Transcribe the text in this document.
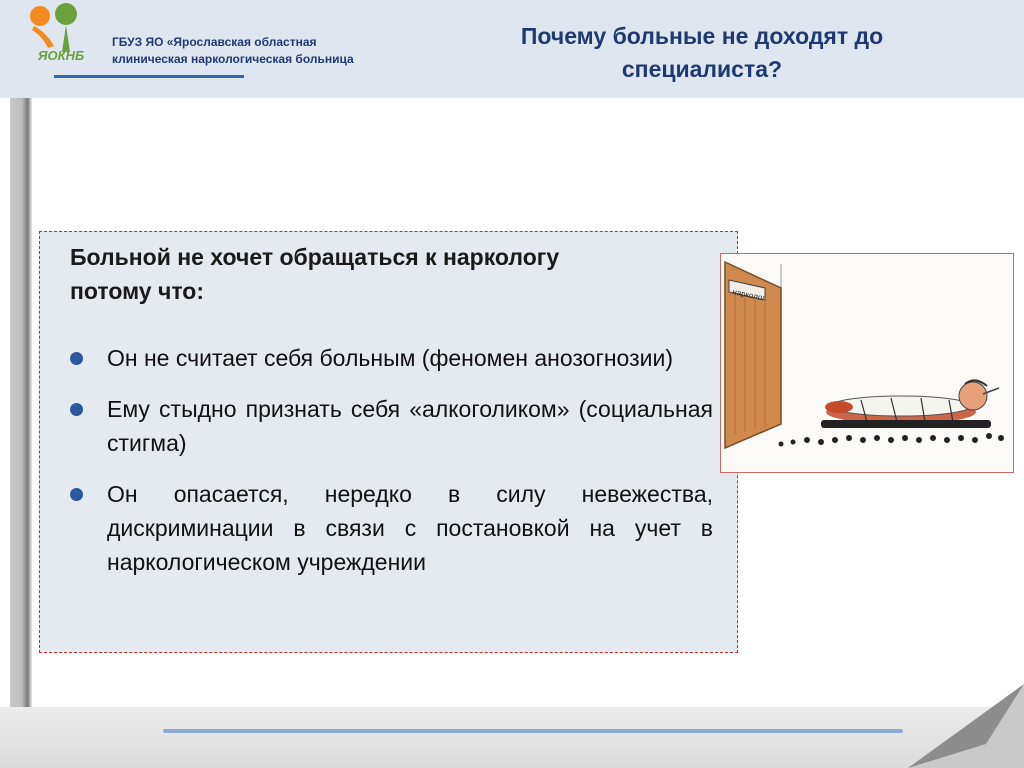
ЯОКНБ
ГБУЗ ЯО «Ярославская областная
клиническая наркологическая больница
Почему больные не доходят до
специалиста?

Больной не хочет обращаться к наркологу
потому что:

Он не считает себя больным (феномен анозогнозии)
Ему стыдно признать себя «алкоголиком» (социальная стигма)
Он опасается, нередко в силу невежества, дискриминации в связи с постановкой на учет в наркологическом учреждении
нарколог
